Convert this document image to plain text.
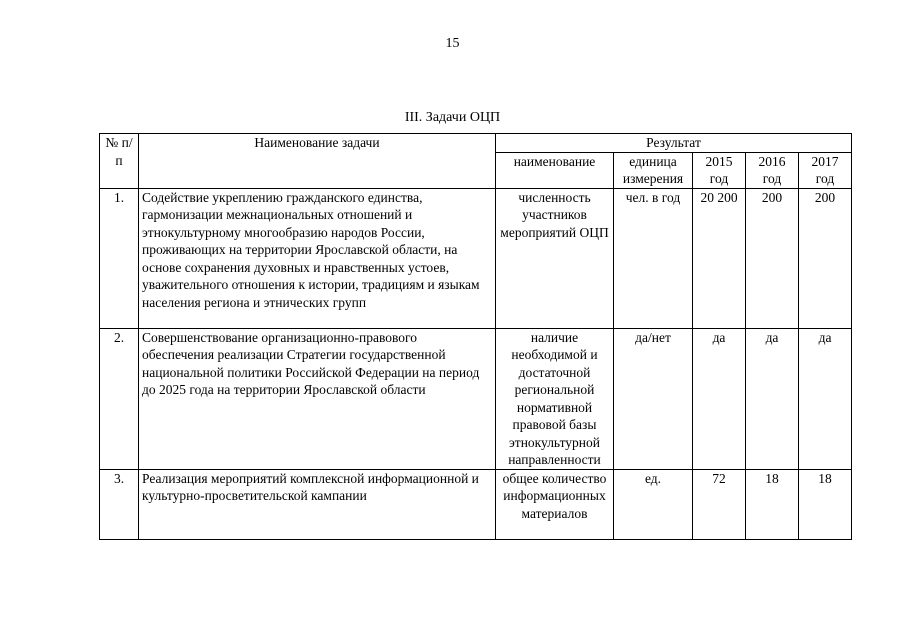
15
III. Задачи ОЦП
№ п/п	Наименование задачи	Результат				
		наименование	единица измерения	2015 год	2016 год	2017 год
1.	Содействие укреплению гражданского единства, гармонизации межнациональных отношений и этнокультурному многообразию народов России, проживающих на территории Ярославской области, на основе сохранения духовных и нравственных устоев, уважительного отношения к истории, традициям и языкам населения региона и этнических групп	численность участников мероприятий ОЦП	чел. в год	20 200	200	200
2.	Совершенствование организационно-правового обеспечения реализации Стратегии государственной национальной политики Российской Федерации на период до 2025 года на территории Ярославской области	наличие необходимой и достаточной региональной нормативной правовой базы этнокультурной направленности	да/нет	да	да	да
3.	Реализация мероприятий комплексной информационной и культурно-просветительской кампании	общее количество информационных материалов	ед.	72	18	18
